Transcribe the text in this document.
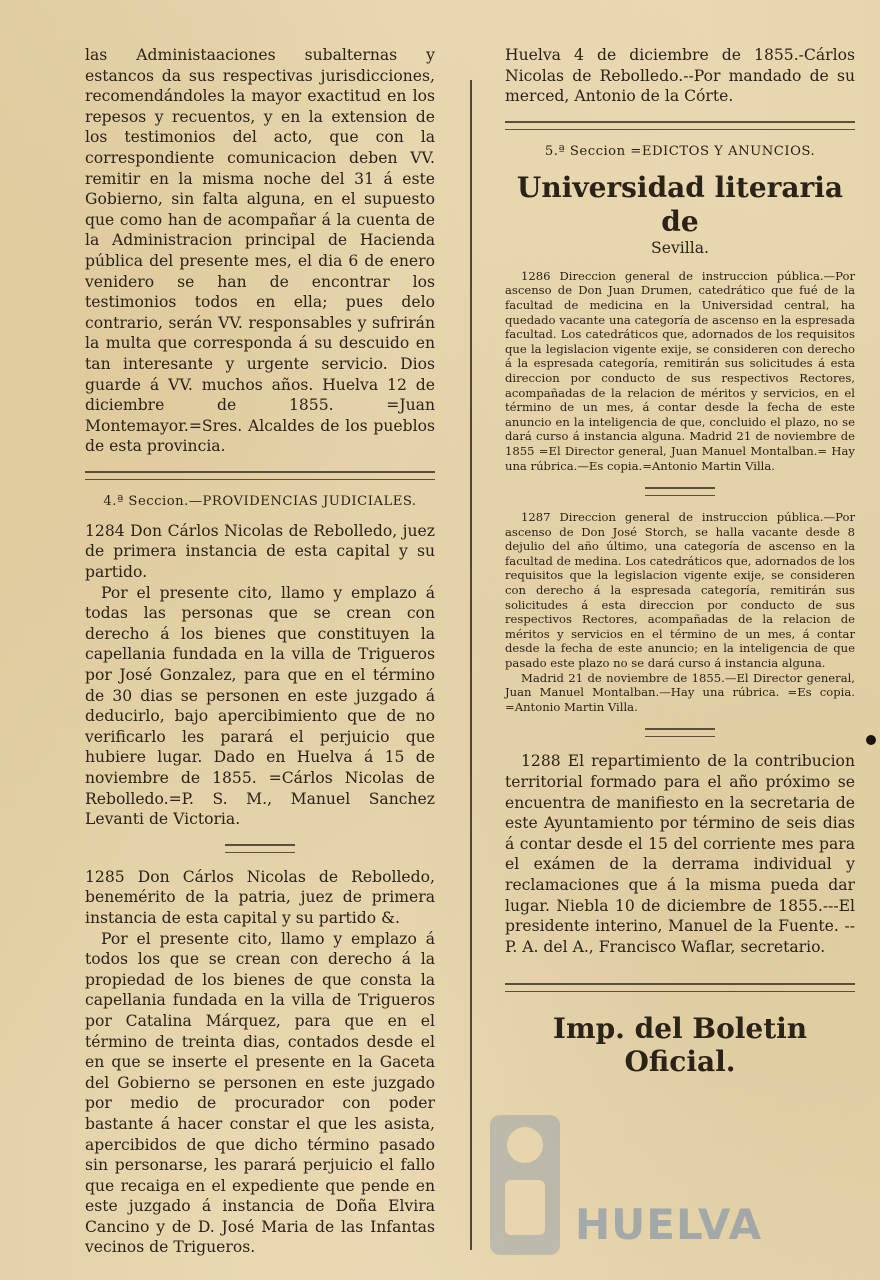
las Administaaciones subalternas y estancos da sus respectivas jurisdicciones, recomendándoles la mayor exactitud en los repesos y recuentos, y en la extension de los testimonios del acto, que con la correspondiente comunicacion deben VV. remitir en la misma noche del 31 á este Gobierno, sin falta alguna, en el supuesto que como han de acompañar á la cuenta de la Administracion principal de Hacienda pública del presente mes, el dia 6 de enero venidero se han de encontrar los testimonios todos en ella; pues delo contrario, serán VV. responsables y sufrirán la multa que corresponda á su descuido en tan interesante y urgente servicio. Dios guarde á VV. muchos años. Huelva 12 de diciembre de 1855. =Juan Montemayor.=Sres. Alcaldes de los pueblos de esta provincia.

4.ª Seccion.—PROVIDENCIAS JUDICIALES.

1284 Don Cárlos Nicolas de Rebolledo, juez de primera instancia de esta capital y su partido.

Por el presente cito, llamo y emplazo á todas las personas que se crean con derecho á los bienes que constituyen la capellania fundada en la villa de Trigueros por José Gonzalez, para que en el término de 30 dias se personen en este juzgado á deducirlo, bajo apercibimiento que de no verificarlo les parará el perjuicio que hubiere lugar. Dado en Huelva á 15 de noviembre de 1855. =Cárlos Nicolas de Rebolledo.=P. S. M., Manuel Sanchez Levanti de Victoria.

1285 Don Cárlos Nicolas de Rebolledo, benemérito de la patria, juez de primera instancia de esta capital y su partido &.

Por el presente cito, llamo y emplazo á todos los que se crean con derecho á la propiedad de los bienes de que consta la capellania fundada en la villa de Trigueros por Catalina Márquez, para que en el término de treinta dias, contados desde el en que se inserte el presente en la Gaceta del Gobierno se personen en este juzgado por medio de procurador con poder bastante á hacer constar el que les asista, apercibidos de que dicho término pasado sin personarse, les parará perjuicio el fallo que recaiga en el expediente que pende en este juzgado á instancia de Doña Elvira Cancino y de D. José Maria de las Infantas vecinos de Trigueros.

Huelva 4 de diciembre de 1855.-Cárlos Nicolas de Rebolledo.--Por mandado de su merced, Antonio de la Córte.

5.ª Seccion =EDICTOS Y ANUNCIOS.

Universidad literaria de

Sevilla.

1286 Direccion general de instruccion pública.—Por ascenso de Don Juan Drumen, catedrático que fué de la facultad de medicina en la Universidad central, ha quedado vacante una categoría de ascenso en la espresada facultad. Los catedráticos que, adornados de los requisitos que la legislacion vigente exije, se consideren con derecho á la espresada categoría, remitirán sus solicitudes á esta direccion por conducto de sus respectivos Rectores, acompañadas de la relacion de méritos y servicios, en el término de un mes, á contar desde la fecha de este anuncio en la inteligencia de que, concluido el plazo, no se dará curso á instancia alguna. Madrid 21 de noviembre de 1855 =El Director general, Juan Manuel Montalban.= Hay una rúbrica.—Es copia.=Antonio Martin Villa.

1287 Direccion general de instruccion pública.—Por ascenso de Don José Storch, se halla vacante desde 8 dejulio del año último, una categoría de ascenso en la facultad de medina. Los catedráticos que, adornados de los requisitos que la legislacion vigente exije, se consideren con derecho á la espresada categoría, remitirán sus solicitudes á esta direccion por conducto de sus respectivos Rectores, acompañadas de la relacion de méritos y servicios en el término de un mes, á contar desde la fecha de este anuncio; en la inteligencia de que pasado este plazo no se dará curso á instancia alguna.

Madrid 21 de noviembre de 1855.—El Director general, Juan Manuel Montalban.—Hay una rúbrica. =Es copia. =Antonio Martin Villa.

1288 El repartimiento de la contribucion territorial formado para el año próximo se encuentra de manifiesto en la secretaria de este Ayuntamiento por término de seis dias á contar desde el 15 del corriente mes para el exámen de la derrama individual y reclamaciones que á la misma pueda dar lugar. Niebla 10 de diciembre de 1855.---El presidente interino, Manuel de la Fuente. --P. A. del A., Francisco Waflar, secretario.

Imp. del Boletin Oficial.

HUELVA
